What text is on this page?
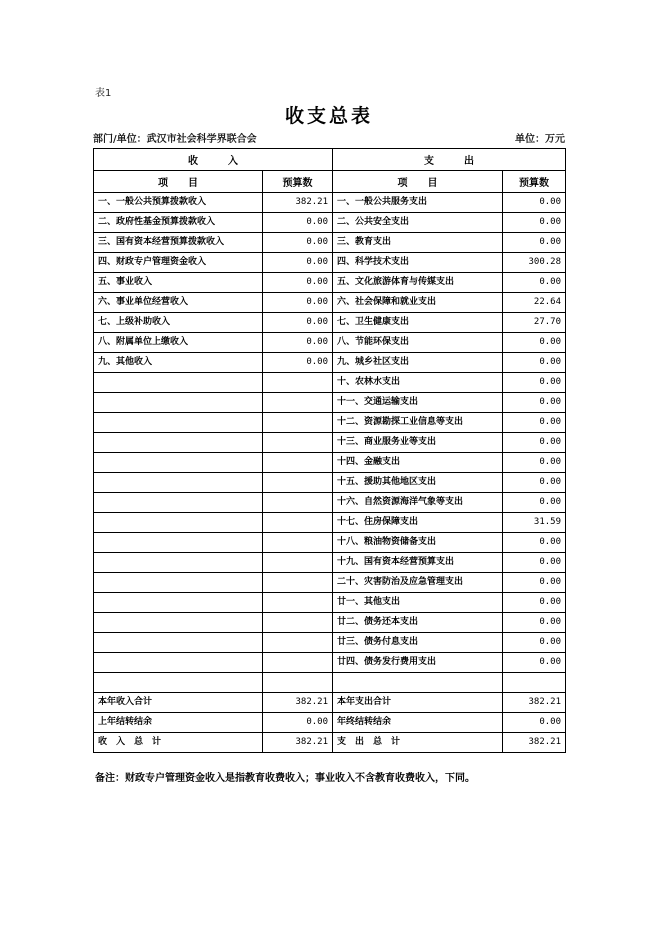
表1
收支总表
部门/单位：武汉市社会科学界联合会	单位：万元
收　　　入		支　　　出	
项　　目	预算数	项　　目	预算数
一、一般公共预算拨款收入	382.21	一、一般公共服务支出	0.00
二、政府性基金预算拨款收入	0.00	二、公共安全支出	0.00
三、国有资本经营预算拨款收入	0.00	三、教育支出	0.00
四、财政专户管理资金收入	0.00	四、科学技术支出	300.28
五、事业收入	0.00	五、文化旅游体育与传媒支出	0.00
六、事业单位经营收入	0.00	六、社会保障和就业支出	22.64
七、上级补助收入	0.00	七、卫生健康支出	27.70
八、附属单位上缴收入	0.00	八、节能环保支出	0.00
九、其他收入	0.00	九、城乡社区支出	0.00
		十、农林水支出	0.00
		十一、交通运输支出	0.00
		十二、资源勘探工业信息等支出	0.00
		十三、商业服务业等支出	0.00
		十四、金融支出	0.00
		十五、援助其他地区支出	0.00
		十六、自然资源海洋气象等支出	0.00
		十七、住房保障支出	31.59
		十八、粮油物资储备支出	0.00
		十九、国有资本经营预算支出	0.00
		二十、灾害防治及应急管理支出	0.00
		廿一、其他支出	0.00
		廿二、债务还本支出	0.00
		廿三、债务付息支出	0.00
		廿四、债务发行费用支出	0.00

本年收入合计	382.21	本年支出合计	382.21
上年结转结余	0.00	年终结转结余	0.00
收　入　总　计	382.21	支　出　总　计	382.21
备注：财政专户管理资金收入是指教育收费收入；事业收入不含教育收费收入，下同。
